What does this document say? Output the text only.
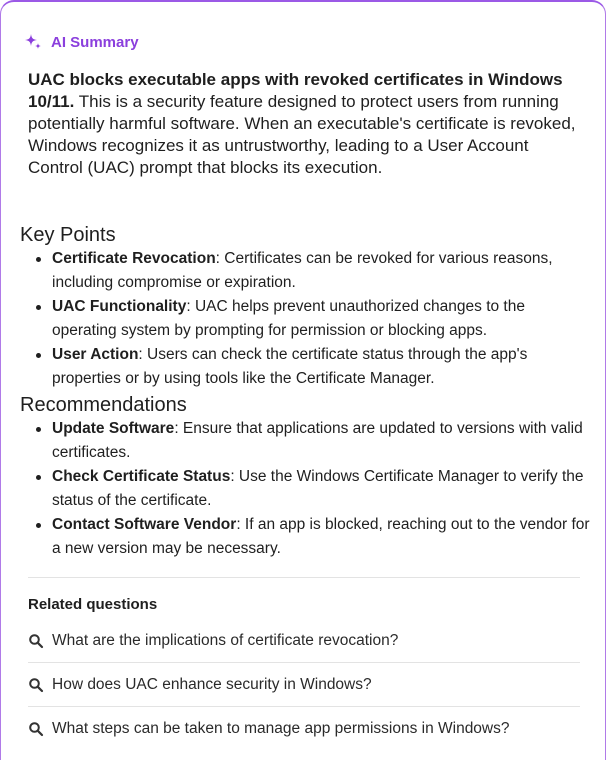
AI Summary
UAC blocks executable apps with revoked certificates in Windows 10/11. This is a security feature designed to protect users from running potentially harmful software. When an executable's certificate is revoked, Windows recognizes it as untrustworthy, leading to a User Account Control (UAC) prompt that blocks its execution.
Key Points
Certificate Revocation: Certificates can be revoked for various reasons, including compromise or expiration.
UAC Functionality: UAC helps prevent unauthorized changes to the operating system by prompting for permission or blocking apps.
User Action: Users can check the certificate status through the app's properties or by using tools like the Certificate Manager.
Recommendations
Update Software: Ensure that applications are updated to versions with valid certificates.
Check Certificate Status: Use the Windows Certificate Manager to verify the status of the certificate.
Contact Software Vendor: If an app is blocked, reaching out to the vendor for a new version may be necessary.
Related questions
What are the implications of certificate revocation?
How does UAC enhance security in Windows?
What steps can be taken to manage app permissions in Windows?
